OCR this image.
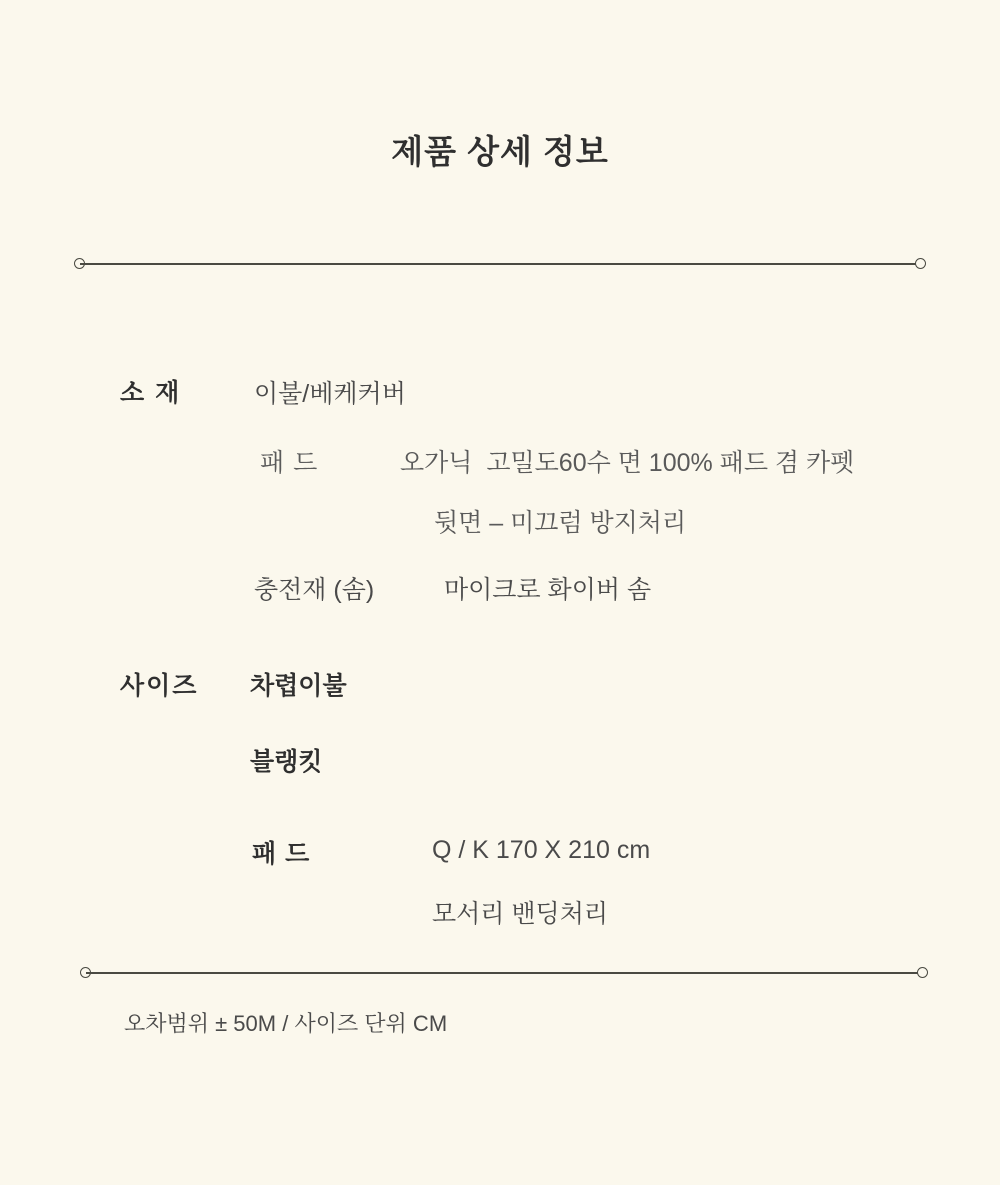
제품 상세 정보
소 재	이불/베케커버
패 드	오가닉  고밀도60수 면 100% 패드 겸 카펫
뒷면 – 미끄럼 방지처리
충전재 (솜)	마이크로 화이버 솜
사이즈 차렵이불
블랭킷
패 드	Q / K 170 X 210 cm
모서리 밴딩처리
오차범위 ± 50M / 사이즈 단위 CM
